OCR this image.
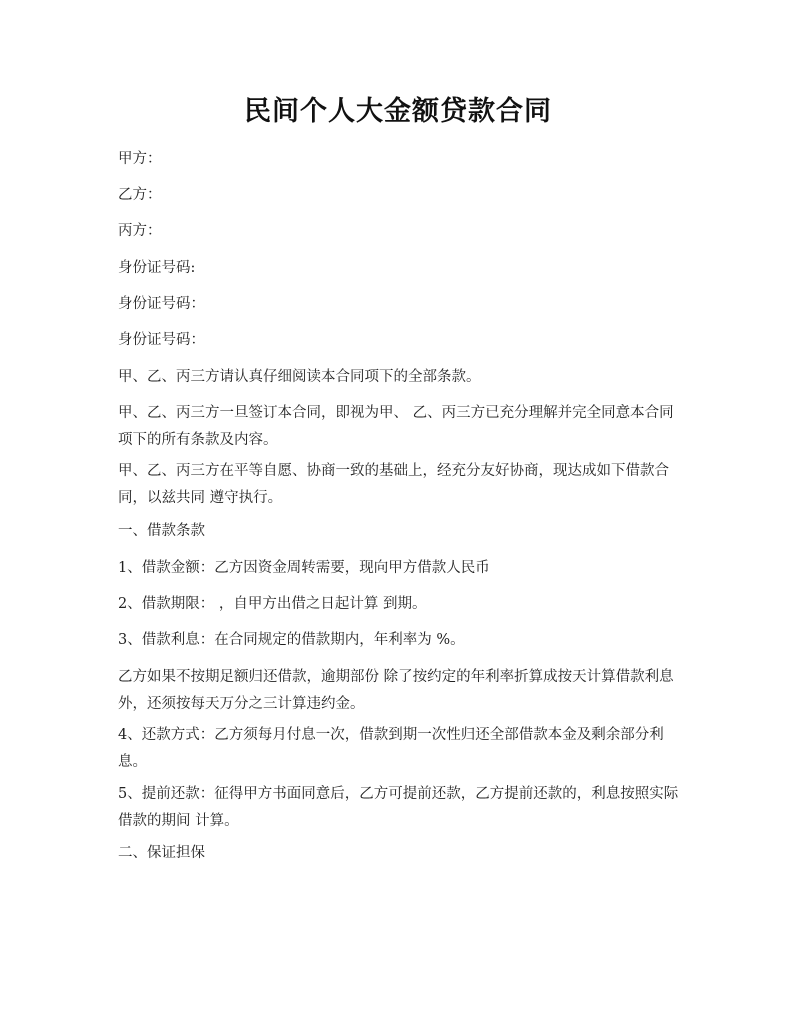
民间个人大金额贷款合同

甲方：

乙方：

丙方：

身份证号码:

身份证号码：

身份证号码：

甲、乙、丙三方请认真仔细阅读本合同项下的全部条款。

甲、乙、丙三方一旦签订本合同，即视为甲、 乙、丙三方已充分理解并完全同意本合同项下的所有条款及内容。

甲、乙、丙三方在平等自愿、协商一致的基础上，经充分友好协商，现达成如下借款合同，以兹共同 遵守执行。

一、借款条款

1、借款金额：乙方因资金周转需要，现向甲方借款人民币

2、借款期限： ，自甲方出借之日起计算 到期。

3、借款利息：在合同规定的借款期内，年利率为 %。

乙方如果不按期足额归还借款，逾期部份 除了按约定的年利率折算成按天计算借款利息外，还须按每天万分之三计算违约金。

4、还款方式：乙方须每月付息一次，借款到期一次性归还全部借款本金及剩余部分利息。

5、提前还款：征得甲方书面同意后，乙方可提前还款，乙方提前还款的，利息按照实际借款的期间 计算。

二、保证担保
